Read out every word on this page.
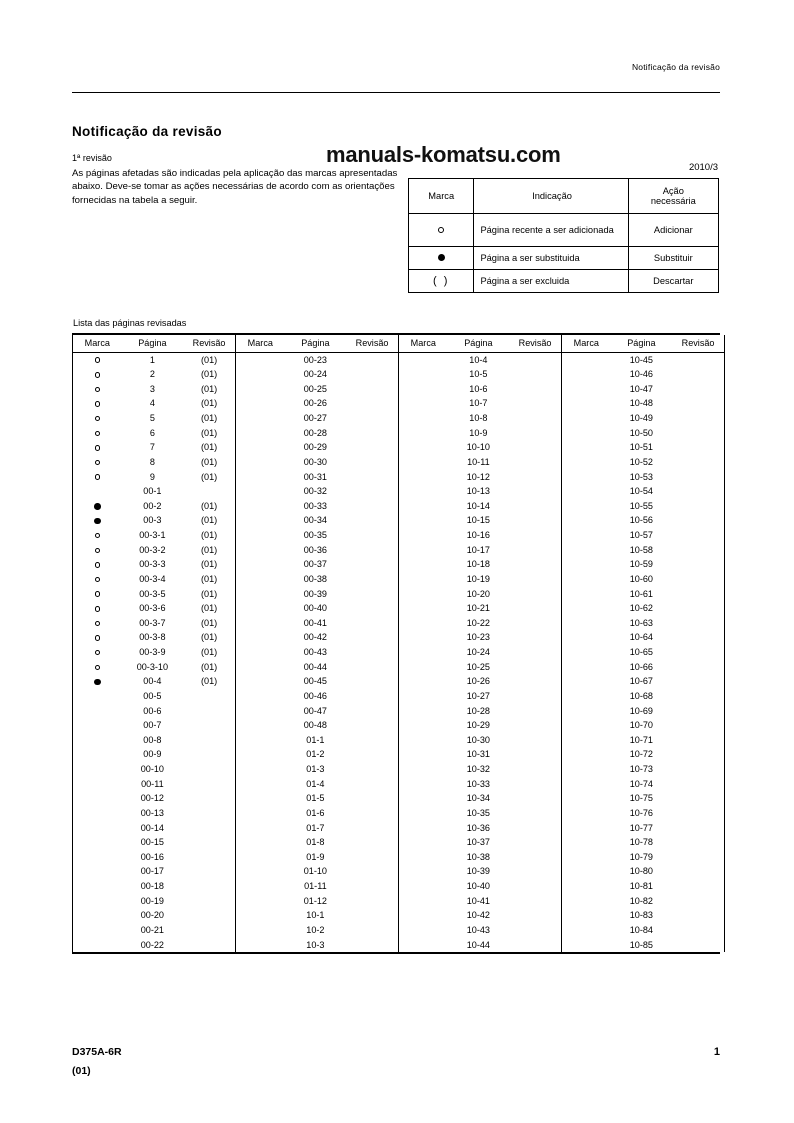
Notificação da revisão
Notificação da revisão
manuals-komatsu.com
1ª revisão
As páginas afetadas são indicadas pela aplicação das marcas apresentadas abaixo. Deve-se tomar as ações necessárias de acordo com as orientações fornecidas na tabela a seguir.
2010/3
Marca	Indicação	Ação
necessária
	Página recente a ser adicionada	Adicionar
	Página a ser substituida	Substituir
( )	Página a ser excluida	Descartar
Lista das páginas revisadas
Marca	Página	Revisão
	1	(01)
	2	(01)
	3	(01)
	4	(01)
	5	(01)
	6	(01)
	7	(01)
	8	(01)
	9	(01)
	00-1	
	00-2	(01)
	00-3	(01)
	00-3-1	(01)
	00-3-2	(01)
	00-3-3	(01)
	00-3-4	(01)
	00-3-5	(01)
	00-3-6	(01)
	00-3-7	(01)
	00-3-8	(01)
	00-3-9	(01)
	00-3-10	(01)
	00-4	(01)
	00-5	
	00-6	
	00-7	
	00-8	
	00-9	
	00-10	
	00-11	
	00-12	
	00-13	
	00-14	
	00-15	
	00-16	
	00-17	
	00-18	
	00-19	
	00-20	
	00-21	
	00-22	

Marca	Página	Revisão
	00-23	
	00-24	
	00-25	
	00-26	
	00-27	
	00-28	
	00-29	
	00-30	
	00-31	
	00-32	
	00-33	
	00-34	
	00-35	
	00-36	
	00-37	
	00-38	
	00-39	
	00-40	
	00-41	
	00-42	
	00-43	
	00-44	
	00-45	
	00-46	
	00-47	
	00-48	
	01-1	
	01-2	
	01-3	
	01-4	
	01-5	
	01-6	
	01-7	
	01-8	
	01-9	
	01-10	
	01-11	
	01-12	
	10-1	
	10-2	
	10-3	

Marca	Página	Revisão
	10-4	
	10-5	
	10-6	
	10-7	
	10-8	
	10-9	
	10-10	
	10-11	
	10-12	
	10-13	
	10-14	
	10-15	
	10-16	
	10-17	
	10-18	
	10-19	
	10-20	
	10-21	
	10-22	
	10-23	
	10-24	
	10-25	
	10-26	
	10-27	
	10-28	
	10-29	
	10-30	
	10-31	
	10-32	
	10-33	
	10-34	
	10-35	
	10-36	
	10-37	
	10-38	
	10-39	
	10-40	
	10-41	
	10-42	
	10-43	
	10-44	

Marca	Página	Revisão
	10-45	
	10-46	
	10-47	
	10-48	
	10-49	
	10-50	
	10-51	
	10-52	
	10-53	
	10-54	
	10-55	
	10-56	
	10-57	
	10-58	
	10-59	
	10-60	
	10-61	
	10-62	
	10-63	
	10-64	
	10-65	
	10-66	
	10-67	
	10-68	
	10-69	
	10-70	
	10-71	
	10-72	
	10-73	
	10-74	
	10-75	
	10-76	
	10-77	
	10-78	
	10-79	
	10-80	
	10-81	
	10-82	
	10-83	
	10-84	
	10-85	
D375A-6R
(01)
1
